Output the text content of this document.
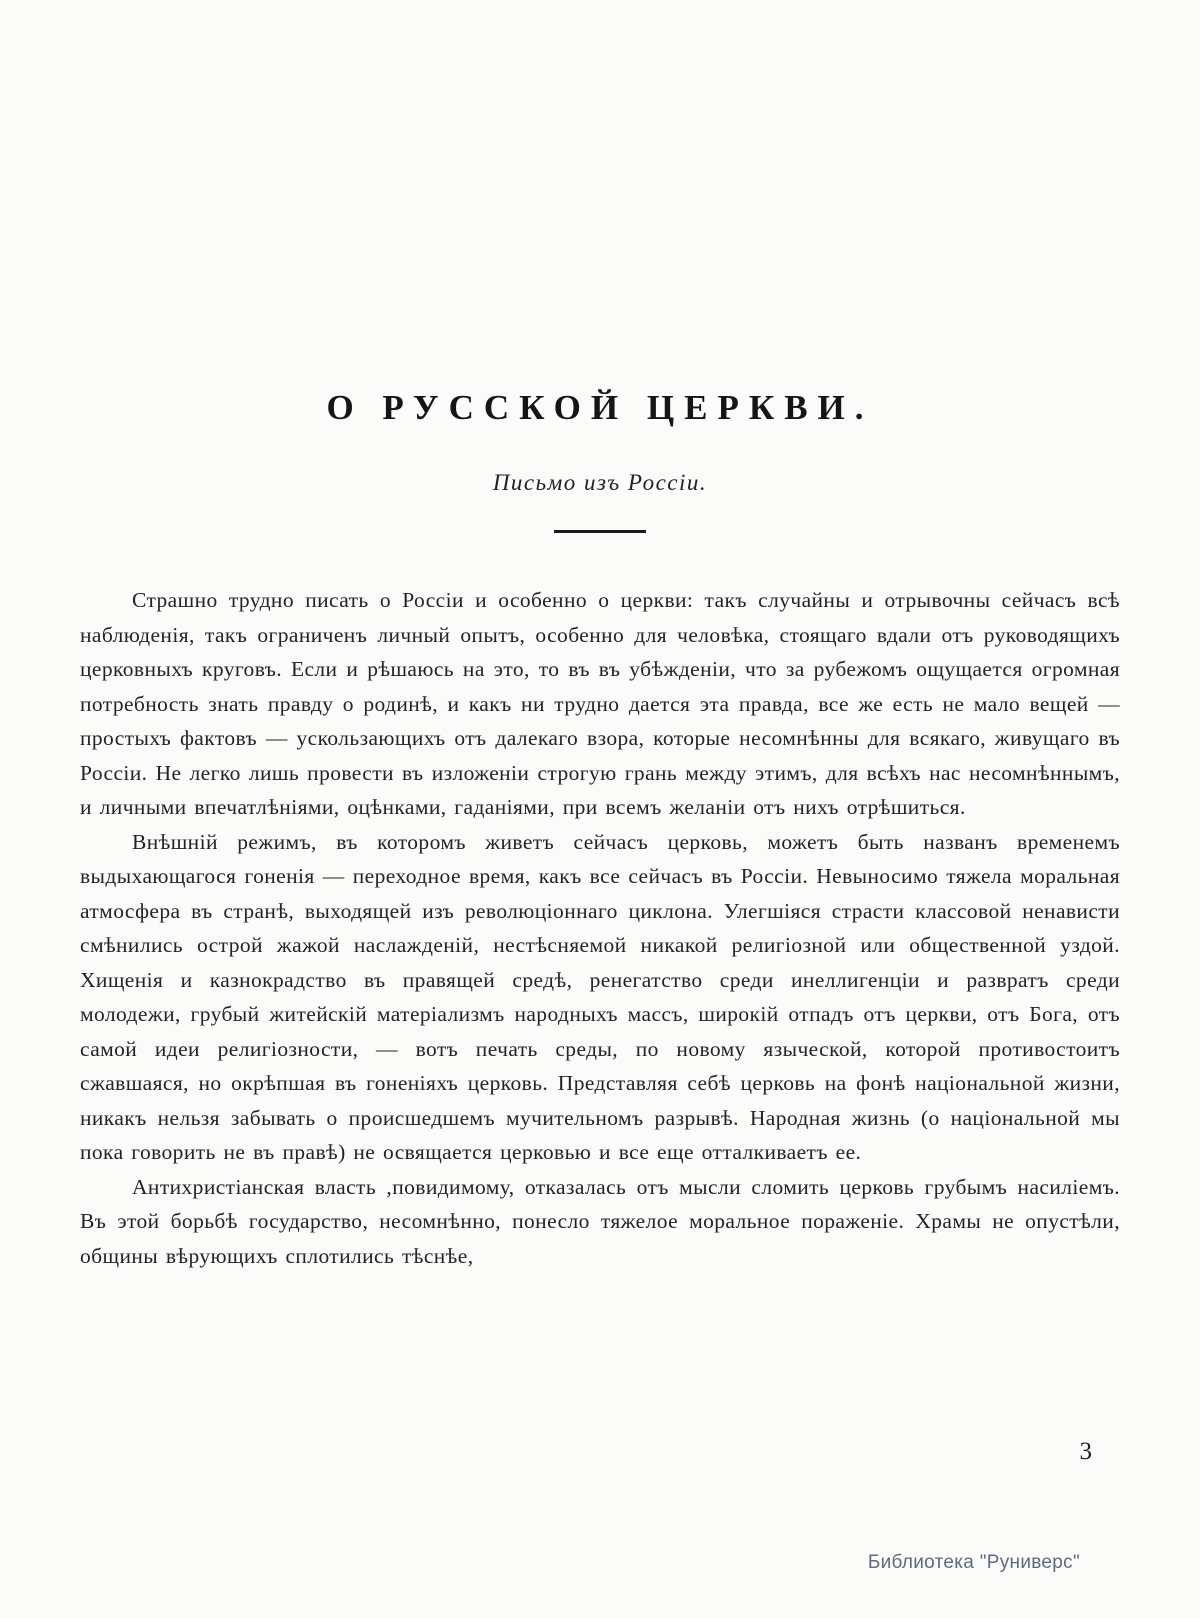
О РУССКОЙ ЦЕРКВИ.
Письмо изъ Россіи.

Страшно трудно писать о Россіи и особенно о церкви: такъ случайны и отрывочны сейчасъ всѣ наблюденія, такъ ограниченъ личный опытъ, особенно для человѣка, стоящаго вдали отъ руководящихъ церковныхъ круговъ. Если и рѣшаюсь на это, то въ въ убѣжденіи, что за рубежомъ ощущается огромная потребность знать правду о родинѣ, и какъ ни трудно дается эта правда, все же есть не мало вещей — простыхъ фактовъ — ускользающихъ отъ далекаго взора, которые несомнѣнны для всякаго, живущаго въ Россіи. Не легко лишь провести въ изложеніи строгую грань между этимъ, для всѣхъ нас несомнѣннымъ, и личными впечатлѣніями, оцѣнками, гаданіями, при всемъ желаніи отъ нихъ отрѣшиться.

Внѣшній режимъ, въ которомъ живетъ сейчасъ церковь, можетъ быть названъ временемъ выдыхающагося гоненія — переходное время, какъ все сейчасъ въ Россіи. Невыносимо тяжела моральная атмосфера въ странѣ, выходящей изъ революціоннаго циклона. Улегшіяся страсти классовой ненависти смѣнились острой жажой наслажденій, нестѣсняемой никакой религіозной или общественной уздой. Хищенія и казнокрадство въ правящей средѣ, ренегатство среди инеллигенціи и развратъ среди молодежи, грубый житейскій матеріализмъ народныхъ массъ, широкій отпадъ отъ церкви, отъ Бога, отъ самой идеи религіозности, — вотъ печать среды, по новому языческой, которой противостоитъ сжавшаяся, но окрѣпшая въ гоненіяхъ церковь. Представляя себѣ церковь на фонѣ національной жизни, никакъ нельзя забывать о происшедшемъ мучительномъ разрывѣ. Народная жизнь (о національной мы пока говорить не въ правѣ) не освящается церковью и все еще отталкиваетъ ее.

Антихристіанская власть ,повидимому, отказалась отъ мысли сломить церковь грубымъ насиліемъ. Въ этой борьбѣ государство, несомнѣнно, понесло тяжелое моральное пораженіе. Храмы не опустѣли, общины вѣрующихъ сплотились тѣснѣе,

3
Библиотека "Руниверс"
